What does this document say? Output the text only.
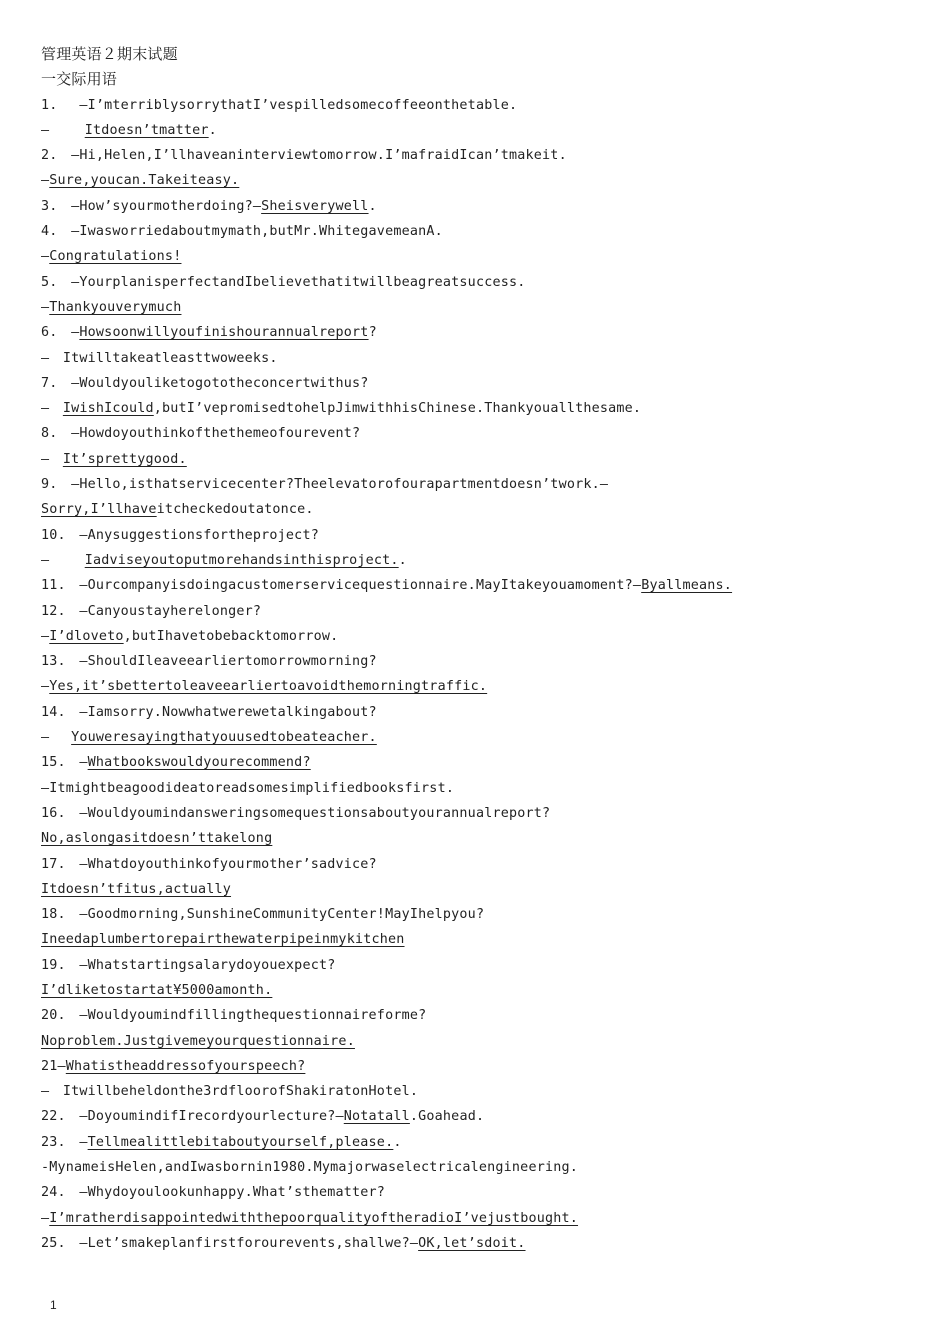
管理英语２期末试题
一交际用语
1.　 —I’mterriblysorrythatI’vespilledsomecoffeeonthetable.
—　　 Itdoesn’tmatter.
2.　—Hi,Helen,I’llhaveaninterviewtomorrow.I’mafraidIcan’tmakeit.
—Sure,youcan.Takeiteasy.
3.　—How’syourmotherdoing?—Sheisverywell.
4.　—Iwasworriedaboutmymath,butMr.WhitegavemeanA.
—Congratulations!
5.　—YourplanisperfectandIbelievethatitwillbeagreatsuccess.
—Thankyouverymuch
6.　—Howsoonwillyoufinishourannualreport?
—　Itwilltakeatleasttwoweeks.
7.　—Wouldyouliketogototheconcertwithus?
—　IwishIcould,butI’vepromisedtohelpJimwithhisChinese.Thankyouallthesame.
8.　—Howdoyouthinkofthethemeofourevent?
—　It’sprettygood.
9.　—Hello,isthatservicecenter?Theelevatorofourapartmentdoesn’twork.—
Sorry,I’llhaveitcheckedoutatonce.
10.　—Anysuggestionsfortheproject?
—　　 Iadviseyoutoputmorehandsinthisproject..
11.　—Ourcompanyisdoingacustomerservicequestionnaire.MayItakeyouamoment?—Byallmeans.
12.　—Canyoustayherelonger?
—I’dloveto,butIhavetobebacktomorrow.
13.　—ShouldIleaveearliertomorrowmorning?
—Yes,it’sbettertoleaveearliertoavoidthemorningtraffic.
14.　—Iamsorry.Nowwhatwerewetalkingabout?
—　 Youweresayingthatyouusedtobeateacher.
15.　—Whatbookswouldyourecommend?
—Itmightbeagoodideatoreadsomesimplifiedbooksfirst.
16.　—Wouldyoumindansweringsomequestionsaboutyourannualreport?
No,aslongasitdoesn’ttakelong
17.　—Whatdoyouthinkofyourmother’sadvice?
Itdoesn’tfitus,actually
18.　—Goodmorning,SunshineCommunityCenter!MayIhelpyou?
Ineedaplumbertorepairthewaterpipeinmykitchen
19.　—Whatstartingsalarydoyouexpect?
I’dliketostartat¥5000amonth.
20.　—Wouldyoumindfillingthequestionnaireforme?
Noproblem.Justgivemeyourquestionnaire.
21—Whatistheaddressofyourspeech?
—　Itwillbeheldonthe3rdfloorofShakiratonHotel.
22.　—DoyoumindifIrecordyourlecture?—Notatall.Goahead.
23.　—Tellmealittlebitaboutyourself,please..
-MynameisHelen,andIwasbornin1980.Mymajorwaselectricalengineering.
24.　—Whydoyoulookunhappy.What’sthematter?
—I’mratherdisappointedwiththepoorqualityoftheradioI’vejustbought.
25.　—Let’smakeplanfirstforourevents,shallwe?—OK,let’sdoit.
1
